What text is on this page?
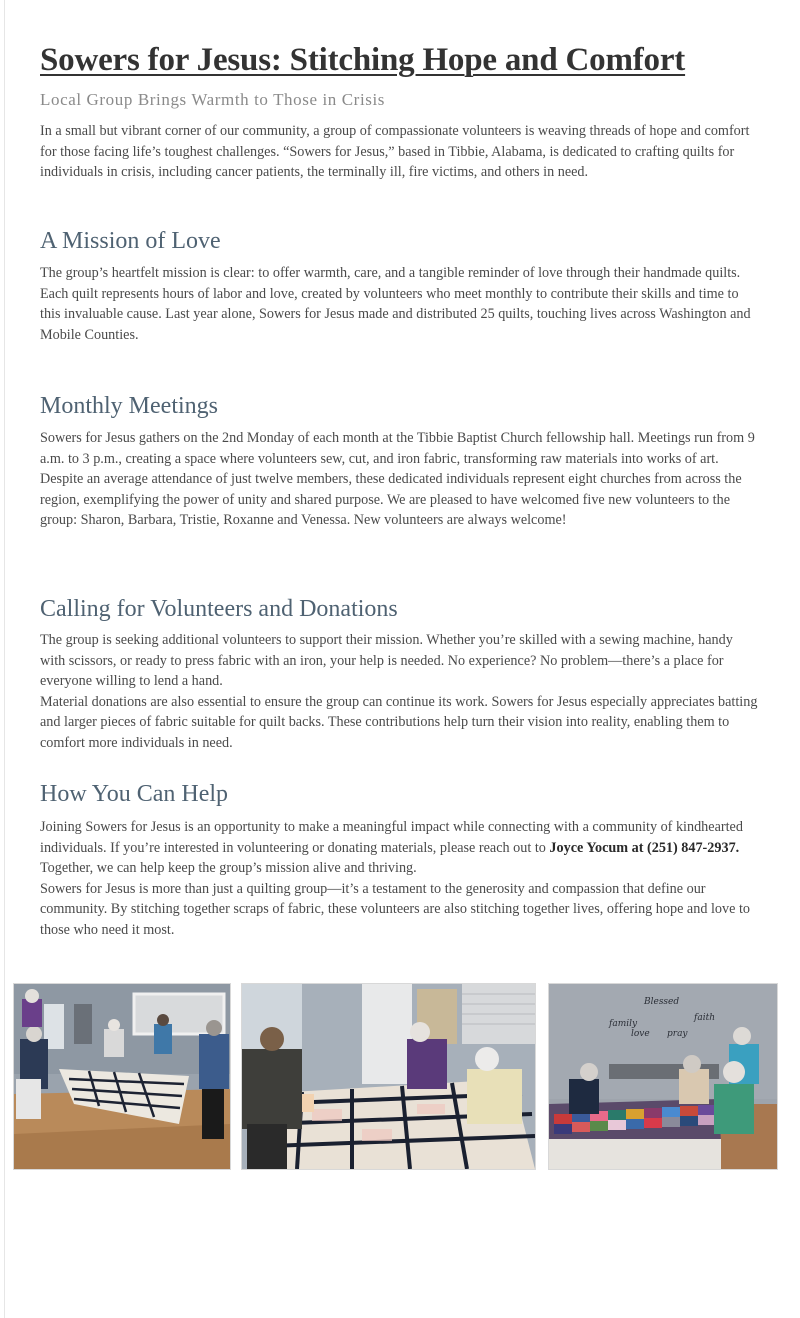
Sowers for Jesus: Stitching Hope and Comfort
Local Group Brings Warmth to Those in Crisis

In a small but vibrant corner of our community, a group of compassionate volunteers is weaving threads of hope and comfort for those facing life’s toughest challenges. “Sowers for Jesus,” based in Tibbie, Alabama, is dedicated to crafting quilts for individuals in crisis, including cancer patients, the terminally ill, fire victims, and others in need.

A Mission of Love

The group’s heartfelt mission is clear: to offer warmth, care, and a tangible reminder of love through their handmade quilts. Each quilt represents hours of labor and love, created by volunteers who meet monthly to contribute their skills and time to this invaluable cause. Last year alone, Sowers for Jesus made and distributed 25 quilts, touching lives across Washington and Mobile Counties.

Monthly Meetings

Sowers for Jesus gathers on the 2nd Monday of each month at the Tibbie Baptist Church fellowship hall. Meetings run from 9 a.m. to 3 p.m., creating a space where volunteers sew, cut, and iron fabric, transforming raw materials into works of art. Despite an average attendance of just twelve members, these dedicated individuals represent eight churches from across the region, exemplifying the power of unity and shared purpose. We are pleased to have welcomed five new volunteers to the group: Sharon, Barbara, Tristie, Roxanne and Venessa. New volunteers are always welcome!

Calling for Volunteers and Donations

The group is seeking additional volunteers to support their mission. Whether you’re skilled with a sewing machine, handy with scissors, or ready to press fabric with an iron, your help is needed. No experience? No problem—there’s a place for everyone willing to lend a hand.

Material donations are also essential to ensure the group can continue its work. Sowers for Jesus especially appreciates batting and larger pieces of fabric suitable for quilt backs. These contributions help turn their vision into reality, enabling them to comfort more individuals in need.

How You Can Help

Joining Sowers for Jesus is an opportunity to make a meaningful impact while connecting with a community of kindhearted individuals. If you’re interested in volunteering or donating materials, please reach out to Joyce Yocum at (251) 847-2937. Together, we can help keep the group’s mission alive and thriving.

Sowers for Jesus is more than just a quilting group—it’s a testament to the generosity and compassion that define our community. By stitching together scraps of fabric, these volunteers are also stitching together lives, offering hope and love to those who need it most.

Blessed
family
love pray
faith
